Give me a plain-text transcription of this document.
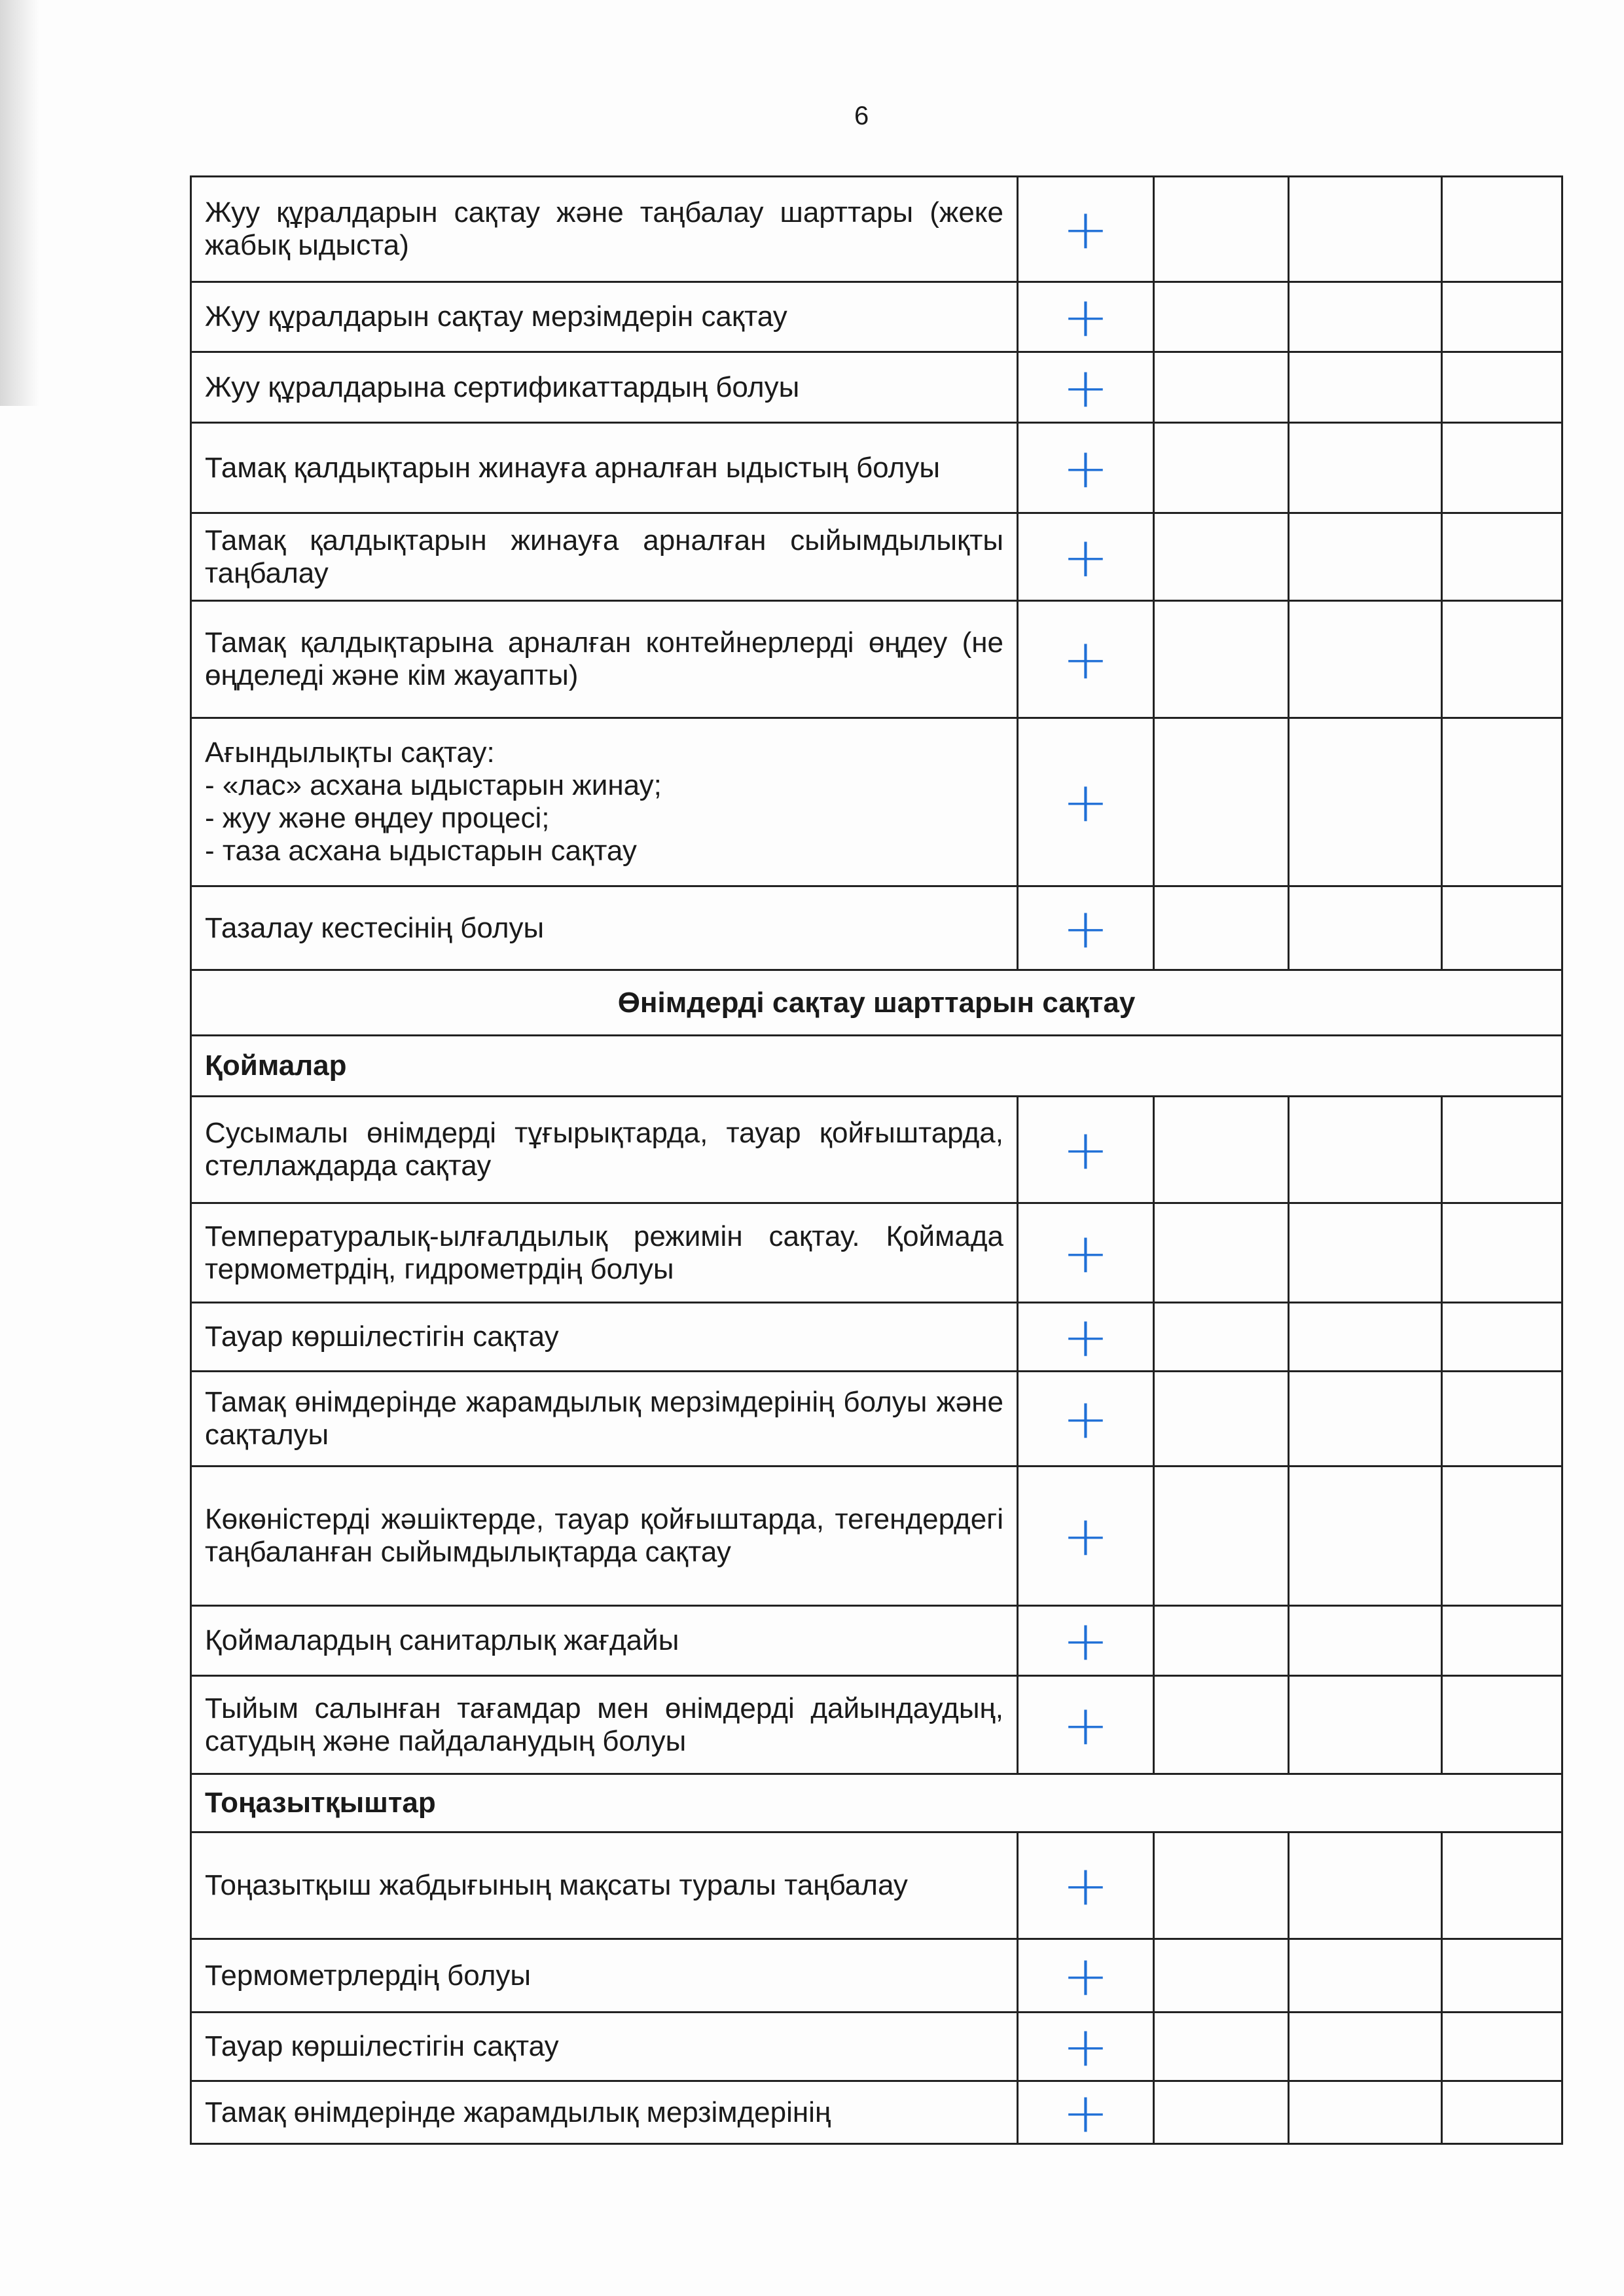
6
Жуу құралдарын сақтау және таңбалау шарттары (жеке жабық ыдыста)	+			
Жуу құралдарын сақтау мерзімдерін сақтау	+			
Жуу құралдарына сертификаттардың болуы	+			
Тамақ қалдықтарын жинауға арналған ыдыстың болуы	+			
Тамақ қалдықтарын жинауға арналған сыйымдылықты таңбалау	+			
Тамақ қалдықтарына арналған контейнерлерді өңдеу (не өңделеді және кім жауапты)	+			
Ағындылықты сақтау:
- «лас» асхана ыдыстарын жинау;
- жуу және өңдеу процесі;
- таза асхана ыдыстарын сақтау	+			
Тазалау кестесінің болуы	+			
Өнімдерді сақтау шарттарын сақтау				
Қоймалар				
Сусымалы өнімдерді тұғырықтарда, тауар қойғыштарда, стеллаждарда сақтау	+			
Температуралық-ылғалдылық режимін сақтау. Қоймада термометрдің, гидрометрдің болуы	+			
Тауар көршілестігін сақтау	+			
Тамақ өнімдерінде жарамдылық мерзімдерінің болуы және сақталуы	+			
Көкөністерді жәшіктерде, тауар қойғыштарда, тегендердегі таңбаланған сыйымдылықтарда сақтау	+			
Қоймалардың санитарлық жағдайы	+			
Тыйым салынған тағамдар мен өнімдерді дайындаудың, сатудың және пайдаланудың болуы	+			
Тоңазытқыштар				
Тоңазытқыш жабдығының мақсаты туралы таңбалау	+			
Термометрлердің болуы	+			
Тауар көршілестігін сақтау	+			
Тамақ өнімдерінде жарамдылық мерзімдерінің	+			
